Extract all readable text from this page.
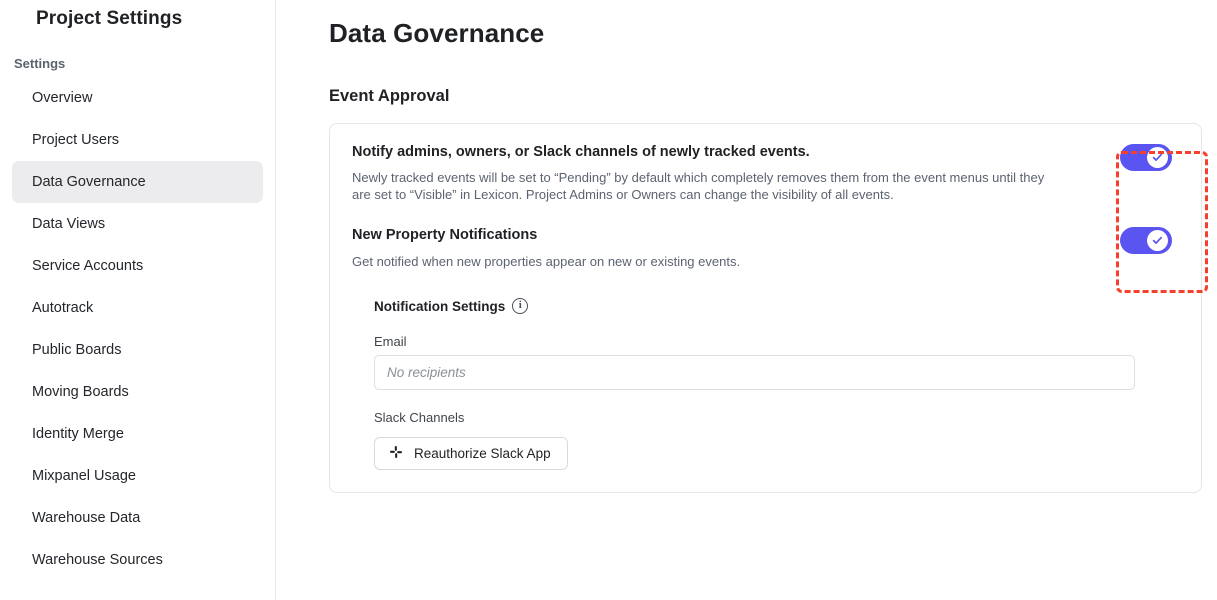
Project Settings
Settings
Overview
Project Users
Data Governance
Data Views
Service Accounts
Autotrack
Public Boards
Moving Boards
Identity Merge
Mixpanel Usage
Warehouse Data
Warehouse Sources
Data Governance
Event Approval

Notify admins, owners, or Slack channels of newly tracked events.

Newly tracked events will be set to “Pending” by default which completely removes them from the event menus until they are set to “Visible” in Lexicon. Project Admins or Owners can change the visibility of all events.

New Property Notifications

Get notified when new properties appear on new or existing events.

Notification Settings	i
Email
No recipients
Slack Channels
Reauthorize Slack App
